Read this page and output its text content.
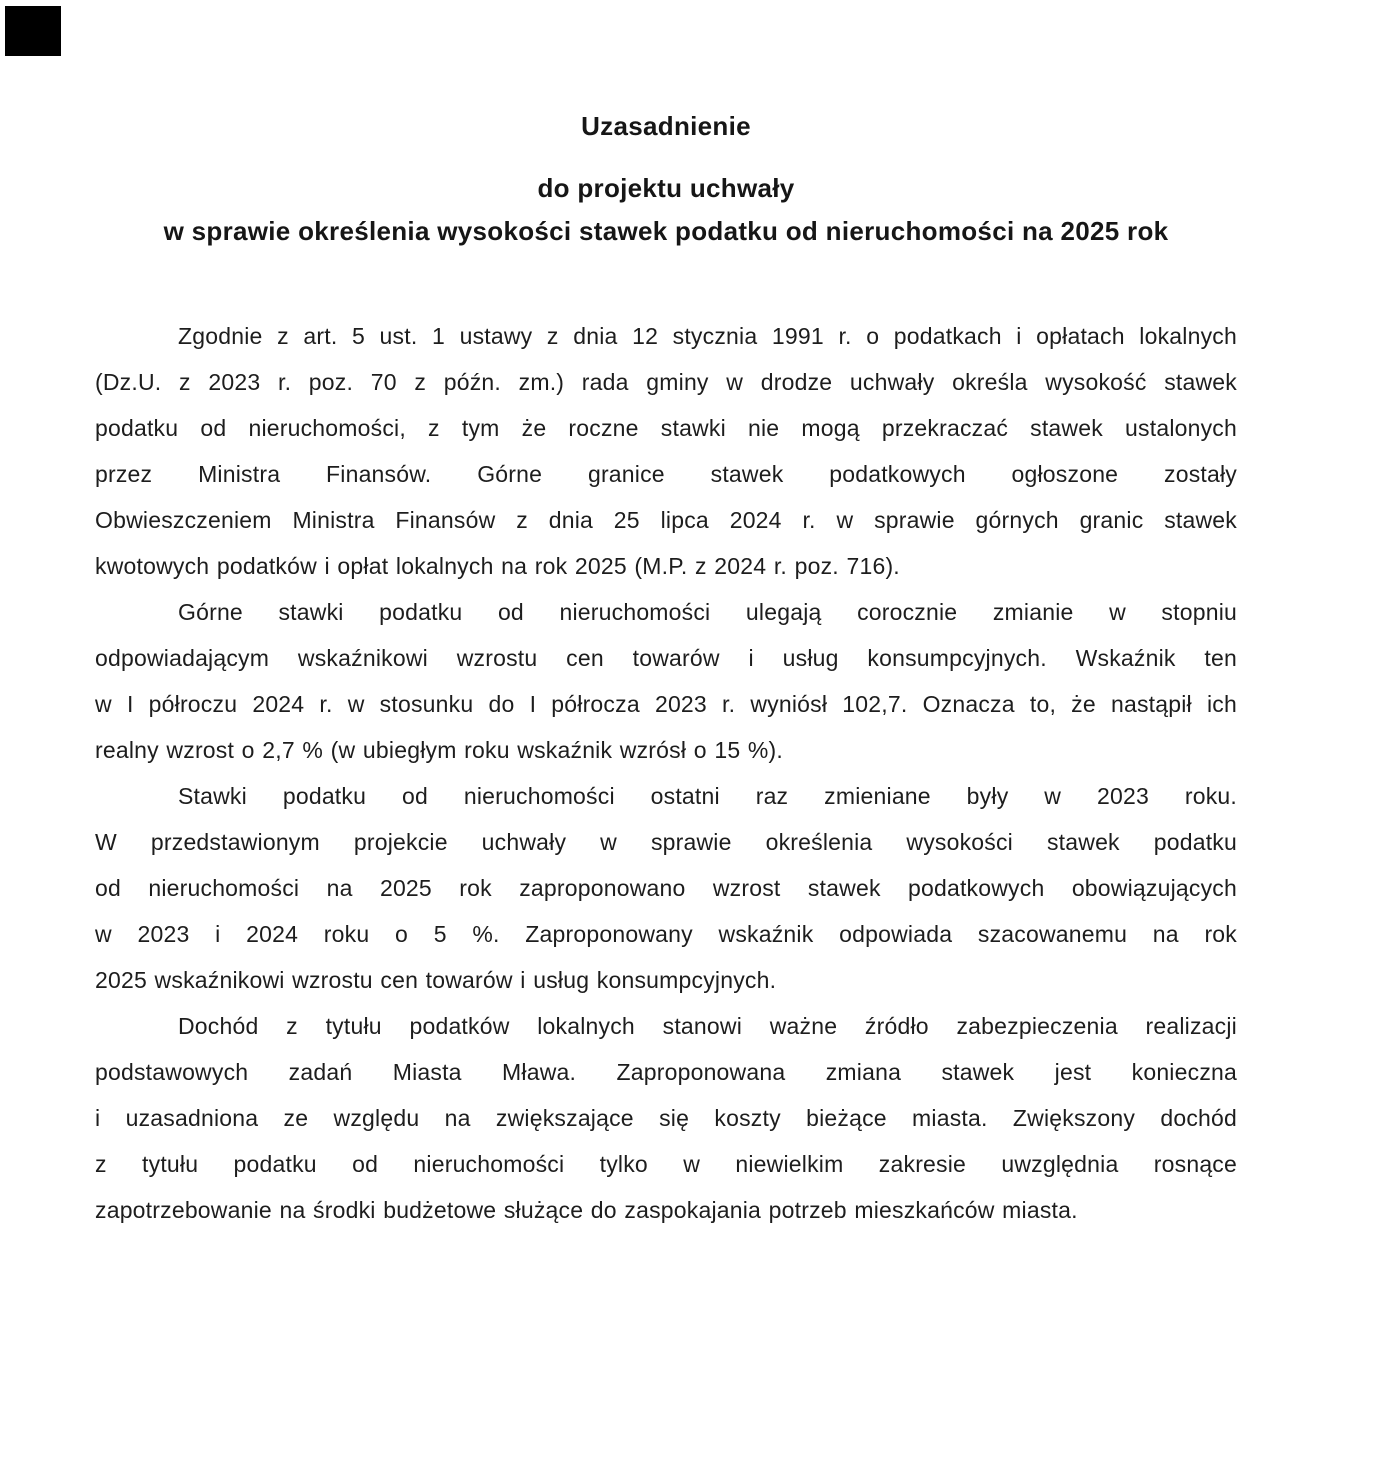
Uzasadnienie
do projektu uchwały
w sprawie określenia wysokości stawek podatku od nieruchomości na 2025 rok
Zgodnie z art. 5 ust. 1 ustawy z dnia 12 stycznia 1991 r. o podatkach i opłatach lokalnych
(Dz.U. z 2023 r. poz. 70 z późn. zm.) rada gminy w drodze uchwały określa wysokość stawek
podatku od nieruchomości, z tym że roczne stawki nie mogą przekraczać stawek ustalonych
przez Ministra Finansów. Górne granice stawek podatkowych ogłoszone zostały
Obwieszczeniem Ministra Finansów z dnia 25 lipca 2024 r. w sprawie górnych granic stawek
kwotowych podatków i opłat lokalnych na rok 2025 (M.P. z 2024 r. poz. 716).
Górne stawki podatku od nieruchomości ulegają corocznie zmianie w stopniu
odpowiadającym wskaźnikowi wzrostu cen towarów i usług konsumpcyjnych. Wskaźnik ten
w I półroczu 2024 r. w stosunku do I półrocza 2023 r. wyniósł 102,7. Oznacza to, że nastąpił ich
realny wzrost o 2,7 % (w ubiegłym roku wskaźnik wzrósł o 15 %).
Stawki podatku od nieruchomości ostatni raz zmieniane były w 2023 roku.
W przedstawionym projekcie uchwały w sprawie określenia wysokości stawek podatku
od nieruchomości na 2025 rok zaproponowano wzrost stawek podatkowych obowiązujących
w 2023 i 2024 roku o 5 %. Zaproponowany wskaźnik odpowiada szacowanemu na rok
2025 wskaźnikowi wzrostu cen towarów i usług konsumpcyjnych.
Dochód z tytułu podatków lokalnych stanowi ważne źródło zabezpieczenia realizacji
podstawowych zadań Miasta Mława. Zaproponowana zmiana stawek jest konieczna
i uzasadniona ze względu na zwiększające się koszty bieżące miasta. Zwiększony dochód
z tytułu podatku od nieruchomości tylko w niewielkim zakresie uwzględnia rosnące
zapotrzebowanie na środki budżetowe służące do zaspokajania potrzeb mieszkańców miasta.
